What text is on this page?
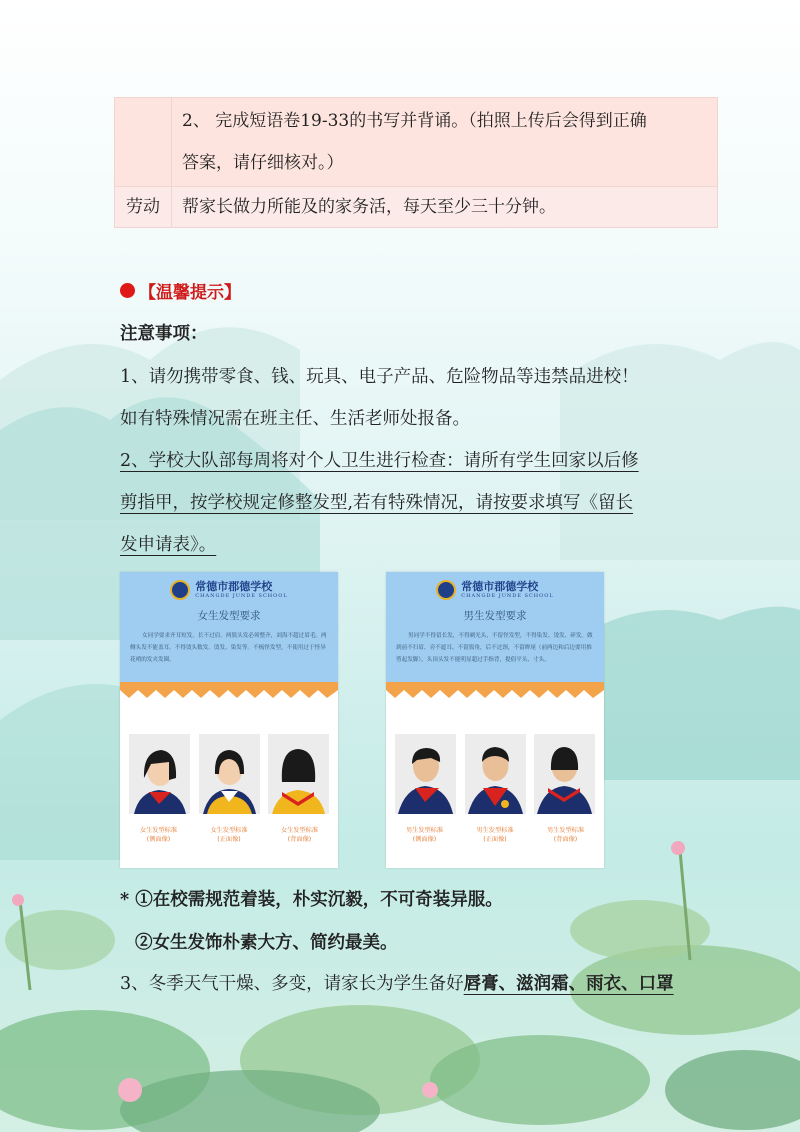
	2、 完成短语卷19-33的书写并背诵。（拍照上传后会得到正确
答案，请仔细核对。）

劳动	帮家长做力所能及的家务活，每天至少三十分钟。
【温馨提示】
注意事项：
1、请勿携带零食、钱、玩具、电子产品、危险物品等违禁品进校！
如有特殊情况需在班主任、生活老师处报备。
2、学校大队部每周将对个人卫生进行检查：请所有学生回家以后修
剪指甲，按学校规定修整发型,若有特殊情况，请按要求填写《留长
发申请表》。
常德市郡德学校
CHANGDE JUNDE SCHOOL
女生发型要求
女同学要求齐耳短发。长不过肩。两鬓头发必须整齐，刘海不超过眉毛。两侧头发不能盖耳。不得烫头数发。烫发、染发等。不梳怪发型。不使用过于怪异花哨的发夹发圈。
女生发型标准
(侧面像)
女生发型标准
(正面像)
女生发型标准
(背面像)
常德市郡德学校
CHANGDE JUNDE SCHOOL
男生发型要求
男同学不得留长发，不得剃光头，不留怪发型，不得染发、烫发、碎发。做到前不扫眉，旁不遮耳，不留鬓角，后不过颈，不留辫尾（前两边和后边要用推剪起发脚），头顶头发不能明显超过手指背，提倡平头、寸头。
男生发型标准
(侧面像)
男生发型标准
(正面像)
男生发型标准
(背面像)
* ①在校需规范着装，朴实沉毅，不可奇装异服。
②女生发饰朴素大方、简约最美。
3、冬季天气干燥、多变，请家长为学生备好唇膏、滋润霜、雨衣、口罩
